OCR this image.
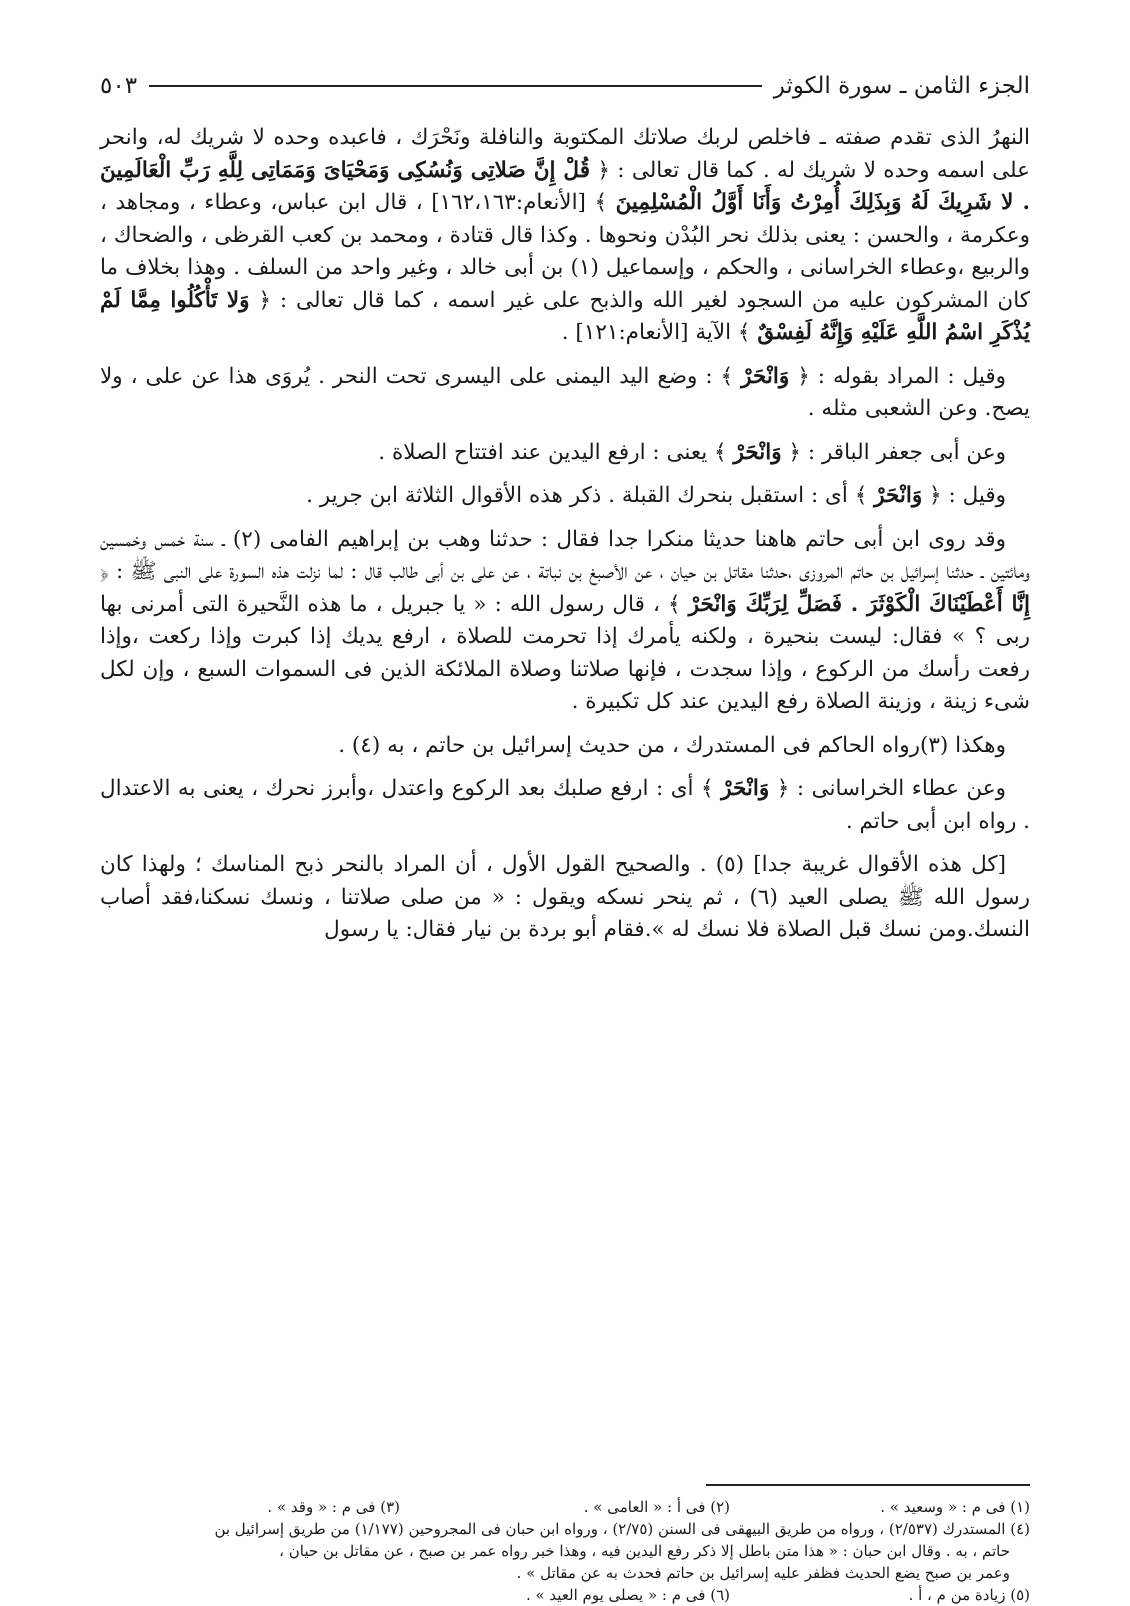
الجزء الثامن ـ سورة الكوثر
٥٠٣

النهرُ الذى تقدم صفته ـ فاخلص لربك صلاتك المكتوبة والنافلة ونَحْرَك ، فاعبده وحده لا شريك له، وانحر على اسمه وحده لا شريك له . كما قال تعالى : ﴿ قُلْ إِنَّ صَلاتِى وَنُسُكِى وَمَحْيَاىَ وَمَمَاتِى لِلَّهِ رَبِّ الْعَالَمِينَ . لا شَرِيكَ لَهُ وَبِذَلِكَ أُمِرْتُ وَأَنَا أَوَّلُ الْمُسْلِمِينَ ﴾ [الأنعام:١٦٢،١٦٣] ، قال ابن عباس، وعطاء ، ومجاهد ، وعكرمة ، والحسن : يعنى بذلك نحر البُدْن ونحوها . وكذا قال قتادة ، ومحمد بن كعب القرظى ، والضحاك ، والربيع ،وعطاء الخراسانى ، والحكم ، وإسماعيل (١) بن أبى خالد ، وغير واحد من السلف . وهذا بخلاف ما كان المشركون عليه من السجود لغير الله والذبح على غير اسمه ، كما قال تعالى : ﴿ وَلا تَأْكُلُوا مِمَّا لَمْ يُذْكَرِ اسْمُ اللَّهِ عَلَيْهِ وَإِنَّهُ لَفِسْقٌ ﴾ الآية [الأنعام:١٢١] .

وقيل : المراد بقوله : ﴿ وَانْحَرْ ﴾ : وضع اليد اليمنى على اليسرى تحت النحر . يُروَى هذا عن على ، ولا يصح. وعن الشعبى مثله .

وعن أبى جعفر الباقر : ﴿ وَانْحَرْ ﴾ يعنى : ارفع اليدين عند افتتاح الصلاة .

وقيل : ﴿ وَانْحَرْ ﴾ أى : استقبل بنحرك القبلة . ذكر هذه الأقوال الثلاثة ابن جرير .

وقد روى ابن أبى حاتم هاهنا حديثا منكرا جدا فقال : حدثنا وهب بن إبراهيم الفامى (٢) ـ سنة خمس وخمسين ومائتين ـ حدثنا إسرائيل بن حاتم المروزى ،حدثنا مقاتل بن حيان ، عن الأصبغ بن نباتة ، عن على بن أبى طالب قال : لما نزلت هذه السورة على النبى ﷺ : ﴿ إِنَّا أَعْطَيْنَاكَ الْكَوْثَرَ . فَصَلِّ لِرَبِّكَ وَانْحَرْ ﴾ ، قال رسول الله : « يا جبريل ، ما هذه النَّحيرة التى أمرنى بها ربى ؟ » فقال: ليست بنحيرة ، ولكنه يأمرك إذا تحرمت للصلاة ، ارفع يديك إذا كبرت وإذا ركعت ،وإذا رفعت رأسك من الركوع ، وإذا سجدت ، فإنها صلاتنا وصلاة الملائكة الذين فى السموات السبع ، وإن لكل شىء زينة ، وزينة الصلاة رفع اليدين عند كل تكبيرة .

وهكذا (٣)رواه الحاكم فى المستدرك ، من حديث إسرائيل بن حاتم ، به (٤) .

وعن عطاء الخراسانى : ﴿ وَانْحَرْ ﴾ أى : ارفع صلبك بعد الركوع واعتدل ،وأبرز نحرك ، يعنى به الاعتدال . رواه ابن أبى حاتم .

[كل هذه الأقوال غريبة جدا] (٥) . والصحيح القول الأول ، أن المراد بالنحر ذبح المناسك ؛ ولهذا كان رسول الله ﷺ يصلى العيد (٦) ، ثم ينحر نسكه ويقول : « من صلى صلاتنا ، ونسك نسكنا،فقد أصاب النسك.ومن نسك قبل الصلاة فلا نسك له ».فقام أبو بردة بن نيار فقال: يا رسول

(١) فى م : « وسعيد » .
(٢) فى أ : « العامى » .
(٣) فى م : « وقد » .

(٤) المستدرك (٢/٥٣٧) ، ورواه من طريق البيهقى فى السنن (٢/٧٥) ، ورواه ابن حبان فى المجروحين (١/١٧٧) من طريق إسرائيل بن

حاتم ، به . وقال ابن حبان : « هذا متن باطل إلا ذكر رفع اليدين فيه ، وهذا خبر رواه عمر بن صبح ، عن مقاتل بن حيان ،

وعمر بن صبح يضع الحديث فظفر عليه إسرائيل بن حاتم فحدث به عن مقاتل » .

(٥) زيادة من م ، أ .
(٦) فى م : « يصلى يوم العيد » .
